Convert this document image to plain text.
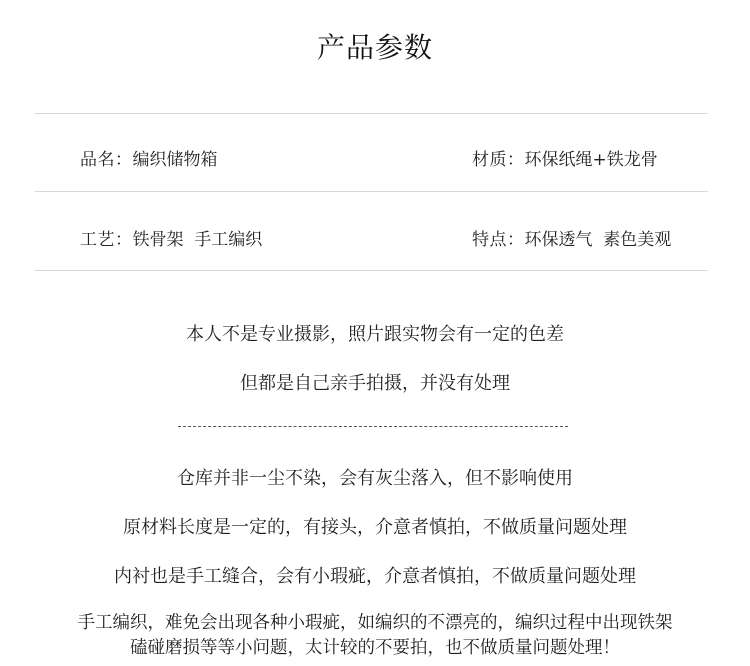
产品参数
品名：编织储物箱	材质：环保纸绳+铁龙骨
工艺：铁骨架  手工编织	特点：环保透气  素色美观
本人不是专业摄影，照片跟实物会有一定的色差
但都是自己亲手拍摄，并没有处理
仓库并非一尘不染，会有灰尘落入，但不影响使用
原材料长度是一定的，有接头，介意者慎拍，不做质量问题处理
内衬也是手工缝合，会有小瑕疵，介意者慎拍，不做质量问题处理
手工编织，难免会出现各种小瑕疵，如编织的不漂亮的，编织过程中出现铁架
磕碰磨损等等小问题，太计较的不要拍，也不做质量问题处理！
